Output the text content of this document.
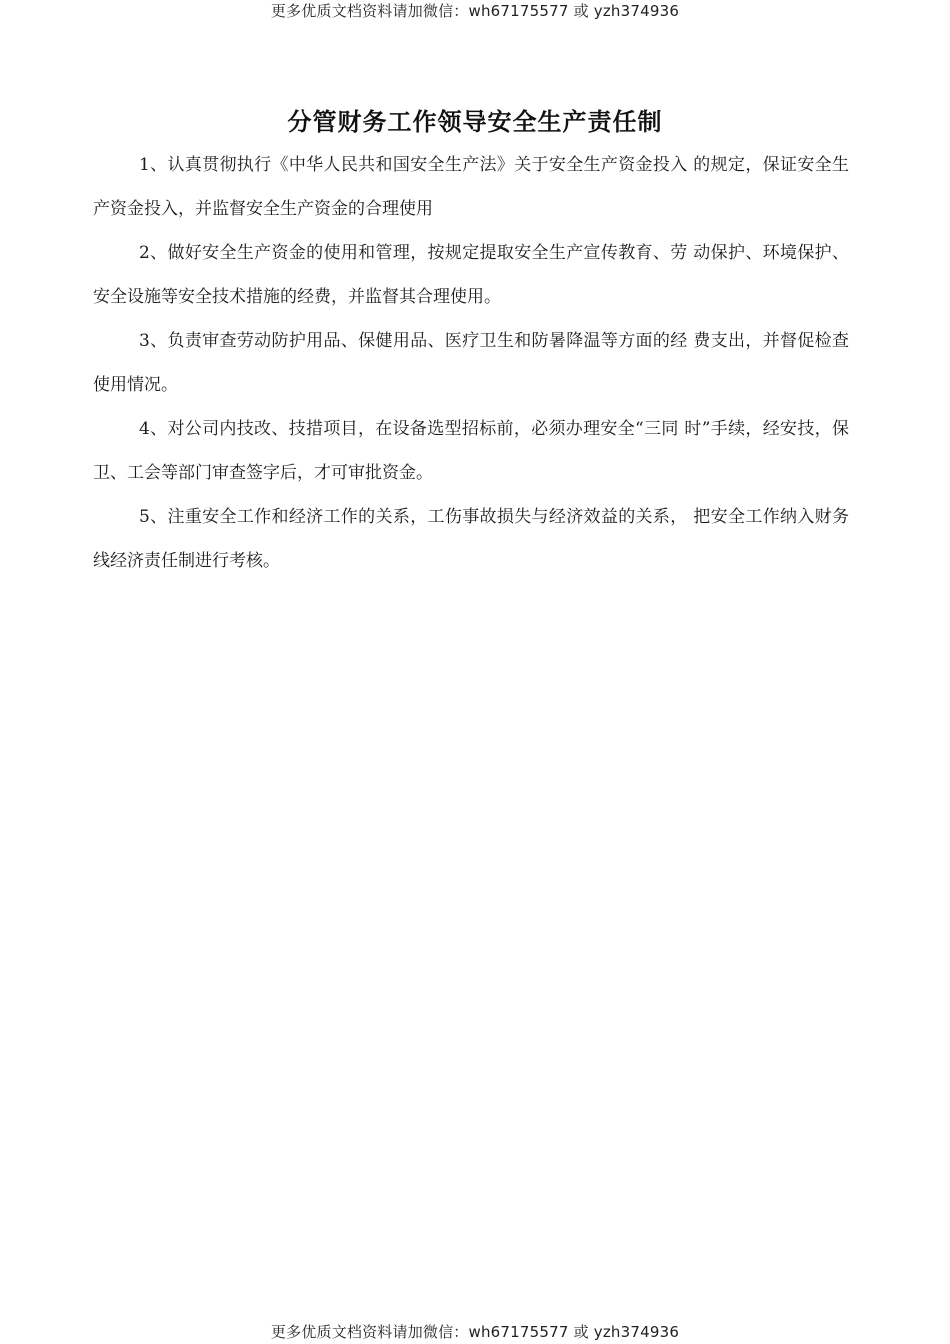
更多优质文档资料请加微信：wh67175577 或 yzh374936
分管财务工作领导安全生产责任制

1、认真贯彻执行《中华人民共和国安全生产法》关于安全生产资金投入 的规定，保证安全生产资金投入，并监督安全生产资金的合理使用

2、做好安全生产资金的使用和管理，按规定提取安全生产宣传教育、劳 动保护、环境保护、安全设施等安全技术措施的经费，并监督其合理使用。

3、负责审查劳动防护用品、保健用品、医疗卫生和防暑降温等方面的经 费支出，并督促检查使用情况。

4、对公司内技改、技措项目，在设备选型招标前，必须办理安全“三同 时”手续，经安技，保卫、工会等部门审查签字后，才可审批资金。

5、注重安全工作和经济工作的关系，工伤事故损失与经济效益的关系， 把安全工作纳入财务线经济责任制进行考核。

更多优质文档资料请加微信：wh67175577 或 yzh374936
